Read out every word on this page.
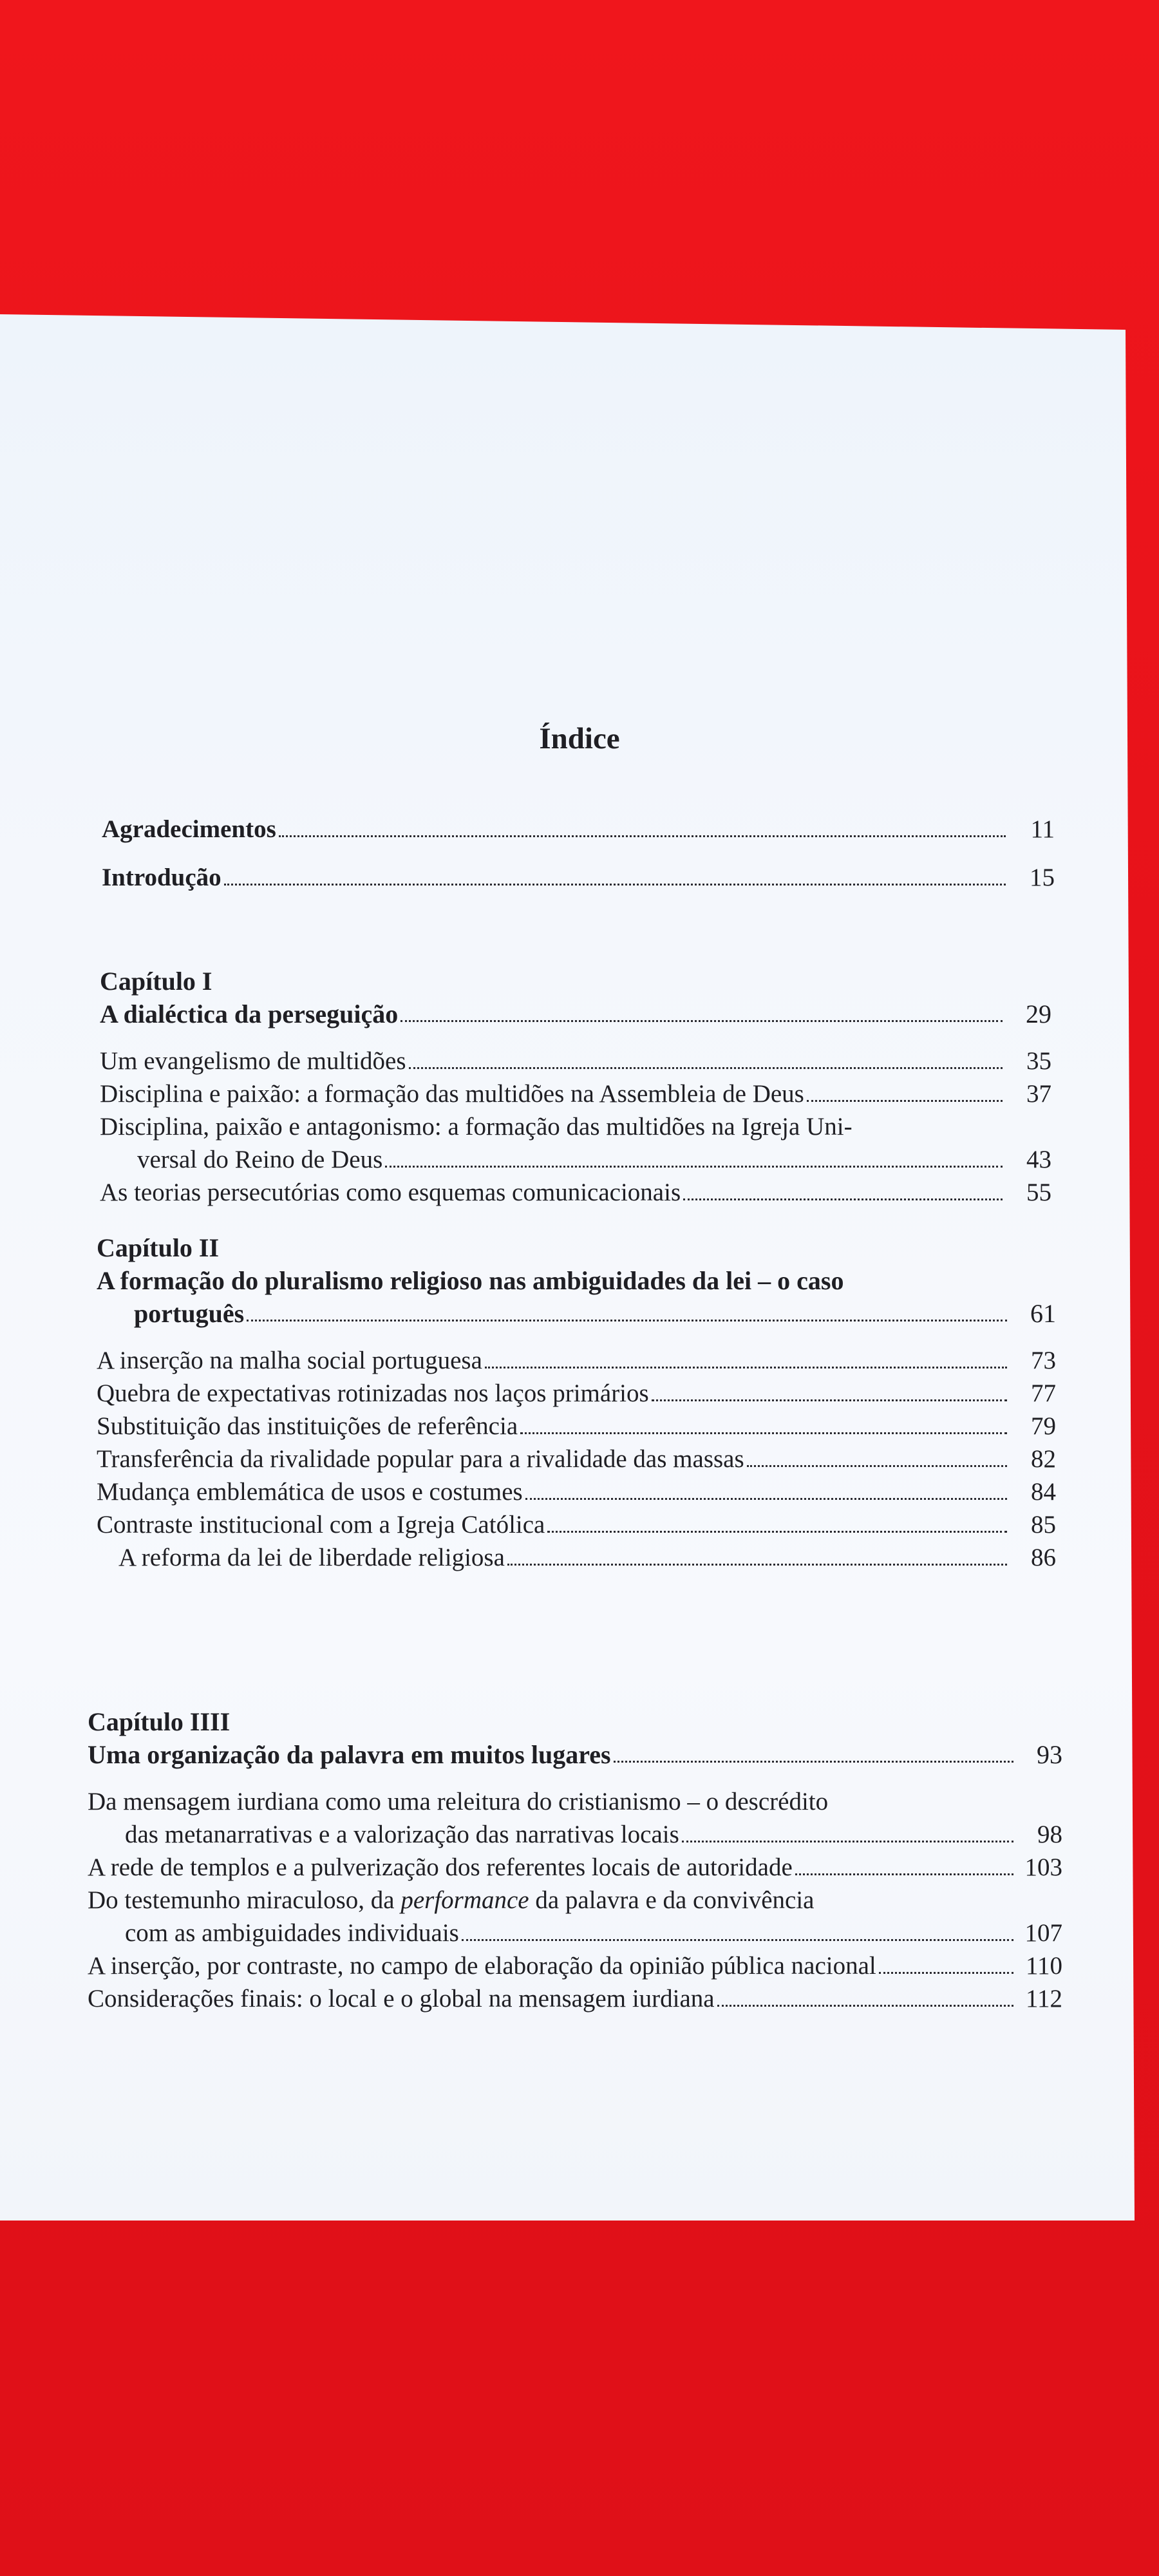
Índice
Agradecimentos	11
Introdução	15
Capítulo I
A dialéctica da perseguição	29
Um evangelismo de multidões	35
Disciplina e paixão: a formação das multidões na Assembleia de Deus	37
Disciplina, paixão e antagonismo: a formação das multidões na Igreja Uni-
versal do Reino de Deus	43
As teorias persecutórias como esquemas comunicacionais	55
Capítulo II
A formação do pluralismo religioso nas ambiguidades da lei – o caso
português	61
A inserção na malha social portuguesa	73
Quebra de expectativas rotinizadas nos laços primários	77
Substituição das instituições de referência	79
Transferência da rivalidade popular para a rivalidade das massas	82
Mudança emblemática de usos e costumes	84
Contraste institucional com a Igreja Católica	85
A reforma da lei de liberdade religiosa	86
Capítulo IIII
Uma organização da palavra em muitos lugares	93
Da mensagem iurdiana como uma releitura do cristianismo – o descrédito
das metanarrativas e a valorização das narrativas locais	98
A rede de templos e a pulverização dos referentes locais de autoridade	103
Do testemunho miraculoso, da performance da palavra e da convivência
com as ambiguidades individuais	107
A inserção, por contraste, no campo de elaboração da opinião pública nacional	110
Considerações finais: o local e o global na mensagem iurdiana	112
